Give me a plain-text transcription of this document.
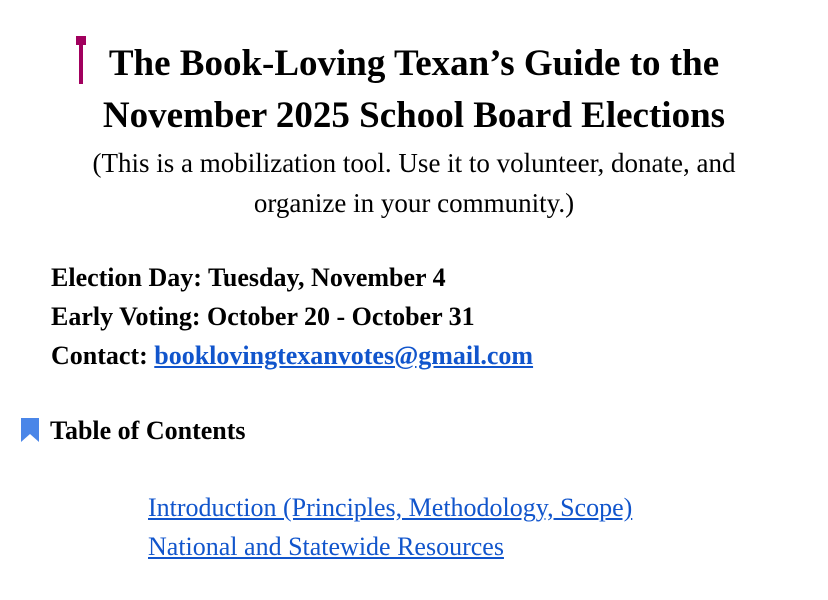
The Book-Loving Texan’s Guide to the
November 2025 School Board Elections
(This is a mobilization tool. Use it to volunteer, donate, and
organize in your community.)
Election Day: Tuesday, November 4
Early Voting: October 20 - October 31
Contact: booklovingtexanvotes@gmail.com
Table of Contents
Introduction (Principles, Methodology, Scope)
National and Statewide Resources
